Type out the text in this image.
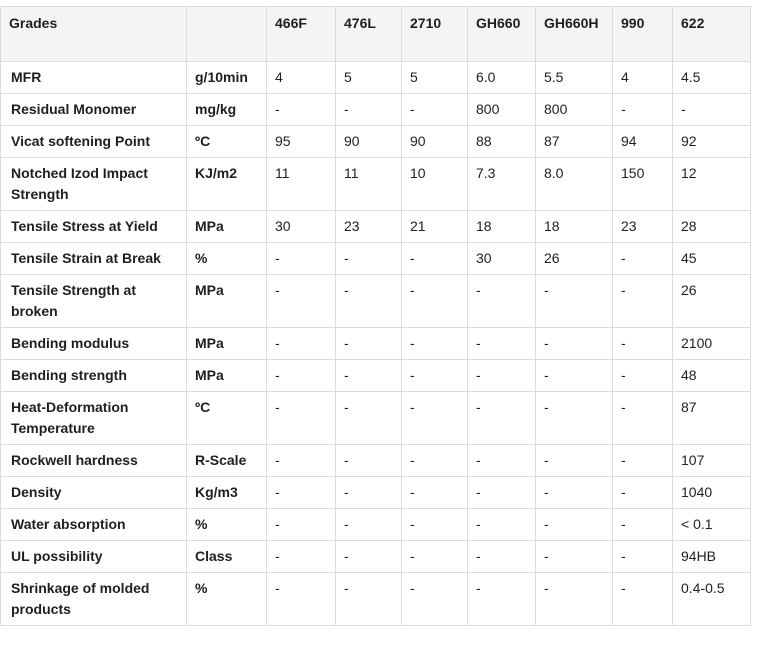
Grades		466F	476L	2710	GH660	GH660H	990	622
MFR	g/10min	4	5	5	6.0	5.5	4	4.5
Residual Monomer	mg/kg	-	-	-	800	800	-	-
Vicat softening Point	ºC	95	90	90	88	87	94	92
Notched Izod Impact Strength	KJ/m2	11	11	10	7.3	8.0	150	12
Tensile Stress at Yield	MPa	30	23	21	18	18	23	28
Tensile Strain at Break	%	-	-	-	30	26	-	45
Tensile Strength at broken	MPa	-	-	-	-	-	-	26
Bending modulus	MPa	-	-	-	-	-	-	2100
Bending strength	MPa	-	-	-	-	-	-	48
Heat-Deformation Temperature	ºC	-	-	-	-	-	-	87
Rockwell hardness	R-Scale	-	-	-	-	-	-	107
Density	Kg/m3	-	-	-	-	-	-	1040
Water absorption	%	-	-	-	-	-	-	< 0.1
UL possibility	Class	-	-	-	-	-	-	94HB
Shrinkage of molded products	%	-	-	-	-	-	-	0.4-0.5
